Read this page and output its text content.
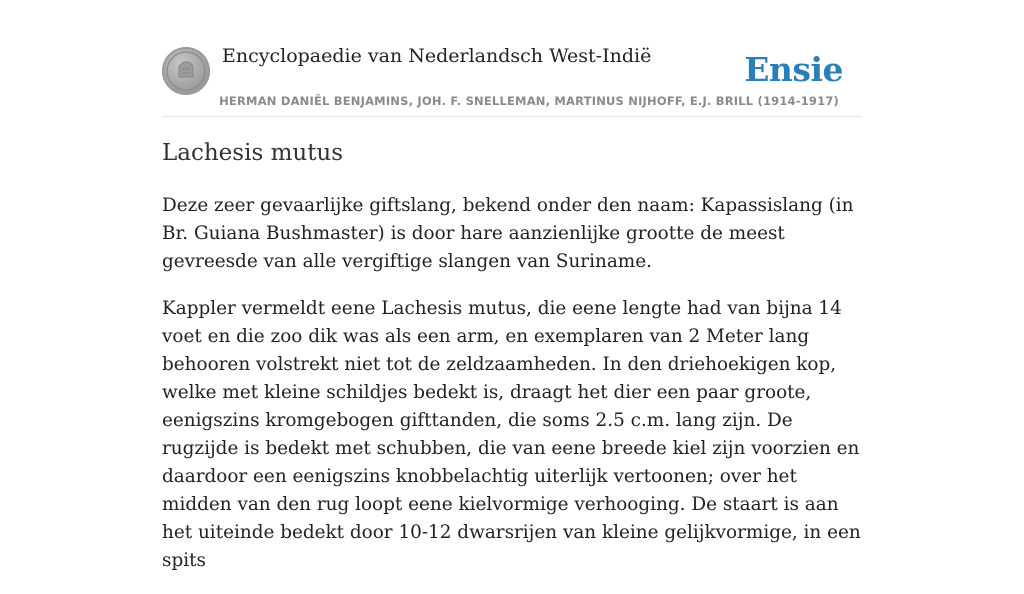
Encyclopaedie van Nederlandsch West-Indië	Ensie
HERMAN DANIËL BENJAMINS, JOH. F. SNELLEMAN, MARTINUS NIJHOFF, E.J. BRILL (1914-1917)
Lachesis mutus

Deze zeer gevaarlijke giftslang, bekend onder den naam: Kapassislang (in Br. Guiana Bushmaster) is door hare aanzienlijke grootte de meest gevreesde van alle vergiftige slangen van Suriname.

Kappler vermeldt eene Lachesis mutus, die eene lengte had van bijna 14 voet en die zoo dik was als een arm, en exemplaren van 2 Meter lang behooren volstrekt niet tot de zeldzaamheden. In den driehoekigen kop, welke met kleine schildjes bedekt is, draagt het dier een paar groote, eenigszins kromgebogen gifttanden, die soms 2.5 c.m. lang zijn. De rugzijde is bedekt met schubben, die van eene breede kiel zijn voorzien en daardoor een eenigszins knobbelachtig uiterlijk vertoonen; over het midden van den rug loopt eene kielvormige verhooging. De staart is aan het uiteinde bedekt door 10-12 dwarsrijen van kleine gelijkvormige, in een spits
